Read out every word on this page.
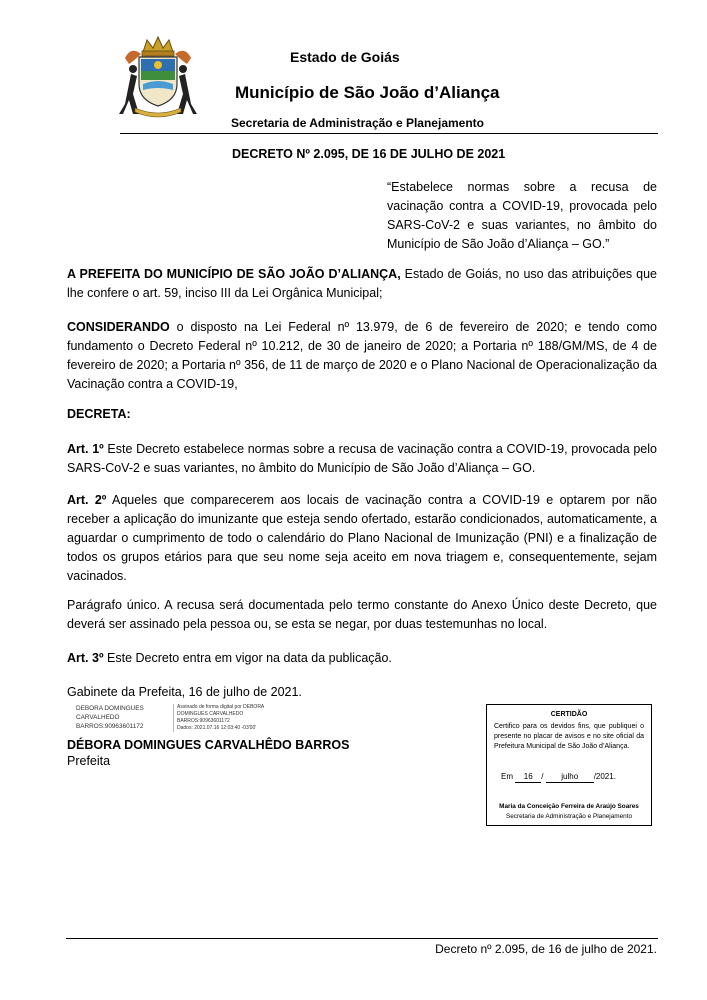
Estado de Goiás
Município de São João d’Aliança
Secretaria de Administração e Planejamento
DECRETO Nº 2.095, DE 16 DE JULHO DE 2021
“Estabelece normas sobre a recusa de vacinação contra a COVID-19, provocada pelo SARS-CoV-2 e suas variantes, no âmbito do Município de São João d’Aliança – GO.”

A PREFEITA DO MUNICÍPIO DE SÃO JOÃO D’ALIANÇA, Estado de Goiás, no uso das atribuições que lhe confere o art. 59, inciso III da Lei Orgânica Municipal;

CONSIDERANDO o disposto na Lei Federal nº 13.979, de 6 de fevereiro de 2020; e tendo como fundamento o Decreto Federal nº 10.212, de 30 de janeiro de 2020; a Portaria nº 188/GM/MS, de 4 de fevereiro de 2020; a Portaria nº 356, de 11 de março de 2020 e o Plano Nacional de Operacionalização da Vacinação contra a COVID-19,

DECRETA:

Art. 1º Este Decreto estabelece normas sobre a recusa de vacinação contra a COVID-19, provocada pelo SARS-CoV-2 e suas variantes, no âmbito do Município de São João d’Aliança – GO.

Art. 2º Aqueles que comparecerem aos locais de vacinação contra a COVID-19 e optarem por não receber a aplicação do imunizante que esteja sendo ofertado, estarão condicionados, automaticamente, a aguardar o cumprimento de todo o calendário do Plano Nacional de Imunização (PNI) e a finalização de todos os grupos etários para que seu nome seja aceito em nova triagem e, consequentemente, sejam vacinados.

Parágrafo único. A recusa será documentada pelo termo constante do Anexo Único deste Decreto, que deverá ser assinado pela pessoa ou, se esta se negar, por duas testemunhas no local.

Art. 3º Este Decreto entra em vigor na data da publicação.

Gabinete da Prefeita, 16 de julho de 2021.

DEBORA DOMINGUES
CARVALHEDO
BARROS:90963601172
Assinado de forma digital por DEBORA
DOMINGUES CARVALHEDO
BARROS:90963601172
Dados: 2021.07.16 12:03:40 -03'00'
DÉBORA DOMINGUES CARVALHÊDO BARROS
Prefeita
CERTIDÃO
Certifico para os devidos fins, que publiquei o presente no placar de avisos e no site oficial da Prefeitura Municipal de São João d’Aliança.
Em 16 / julho /2021.
Maria da Conceição Ferreira de Araújo Soares
Secretaria de Administração e Planejamento
Decreto nº 2.095, de 16 de julho de 2021.
